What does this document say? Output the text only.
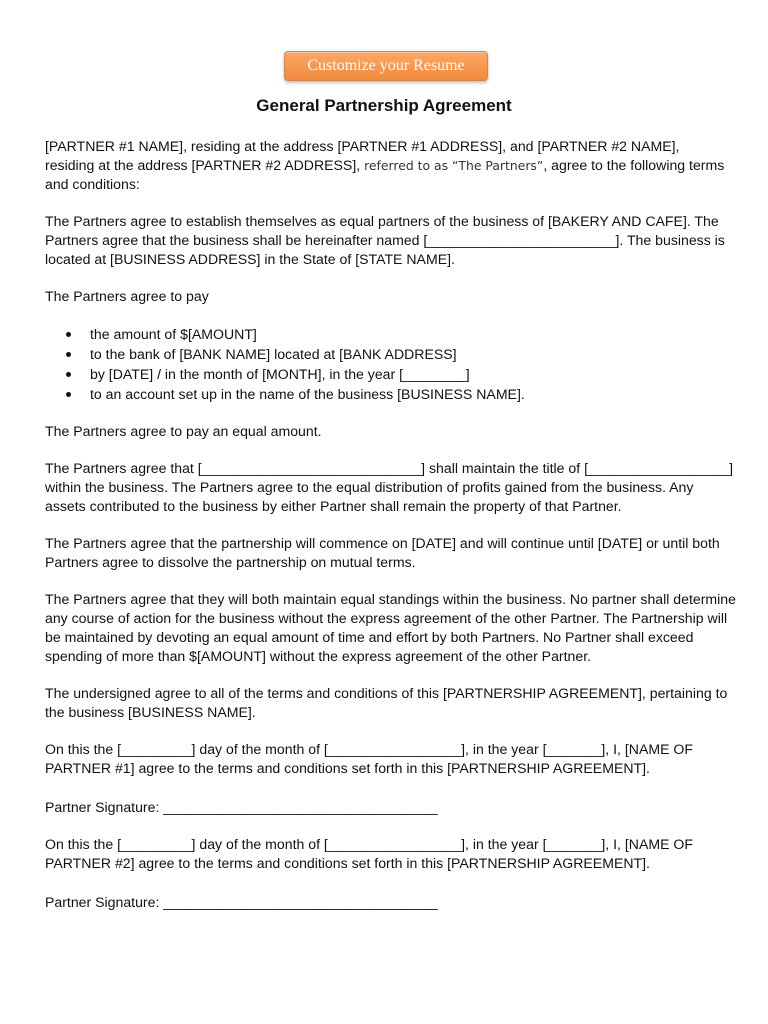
Customize your Resume
General Partnership Agreement

[PARTNER #1 NAME], residing at the address [PARTNER #1 ADDRESS], and [PARTNER #2 NAME],
residing at the address [PARTNER #2 ADDRESS], referred to as “The Partners”, agree to the following terms
and conditions:

The Partners agree to establish themselves as equal partners of the business of [BAKERY AND CAFE]. The
Partners agree that the business shall be hereinafter named [________________________]. The business is
located at [BUSINESS ADDRESS] in the State of [STATE NAME].

The Partners agree to pay

the amount of $[AMOUNT]
to the bank of [BANK NAME] located at [BANK ADDRESS]
by [DATE] / in the month of [MONTH], in the year [________]
to an account set up in the name of the business [BUSINESS NAME].

The Partners agree to pay an equal amount.

The Partners agree that [____________________________] shall maintain the title of [__________________]
within the business. The Partners agree to the equal distribution of profits gained from the business. Any
assets contributed to the business by either Partner shall remain the property of that Partner.

The Partners agree that the partnership will commence on [DATE] and will continue until [DATE] or until both
Partners agree to dissolve the partnership on mutual terms.

The Partners agree that they will both maintain equal standings within the business. No partner shall determine
any course of action for the business without the express agreement of the other Partner. The Partnership will
be maintained by devoting an equal amount of time and effort by both Partners. No Partner shall exceed
spending of more than $[AMOUNT] without the express agreement of the other Partner.

The undersigned agree to all of the terms and conditions of this [PARTNERSHIP AGREEMENT], pertaining to
the business [BUSINESS NAME].

On this the [_________] day of the month of [_________________], in the year [_______], I, [NAME OF
PARTNER #1] agree to the terms and conditions set forth in this [PARTNERSHIP AGREEMENT].

Partner Signature: ___________________________________

On this the [_________] day of the month of [_________________], in the year [_______], I, [NAME OF
PARTNER #2] agree to the terms and conditions set forth in this [PARTNERSHIP AGREEMENT].

Partner Signature: ___________________________________
